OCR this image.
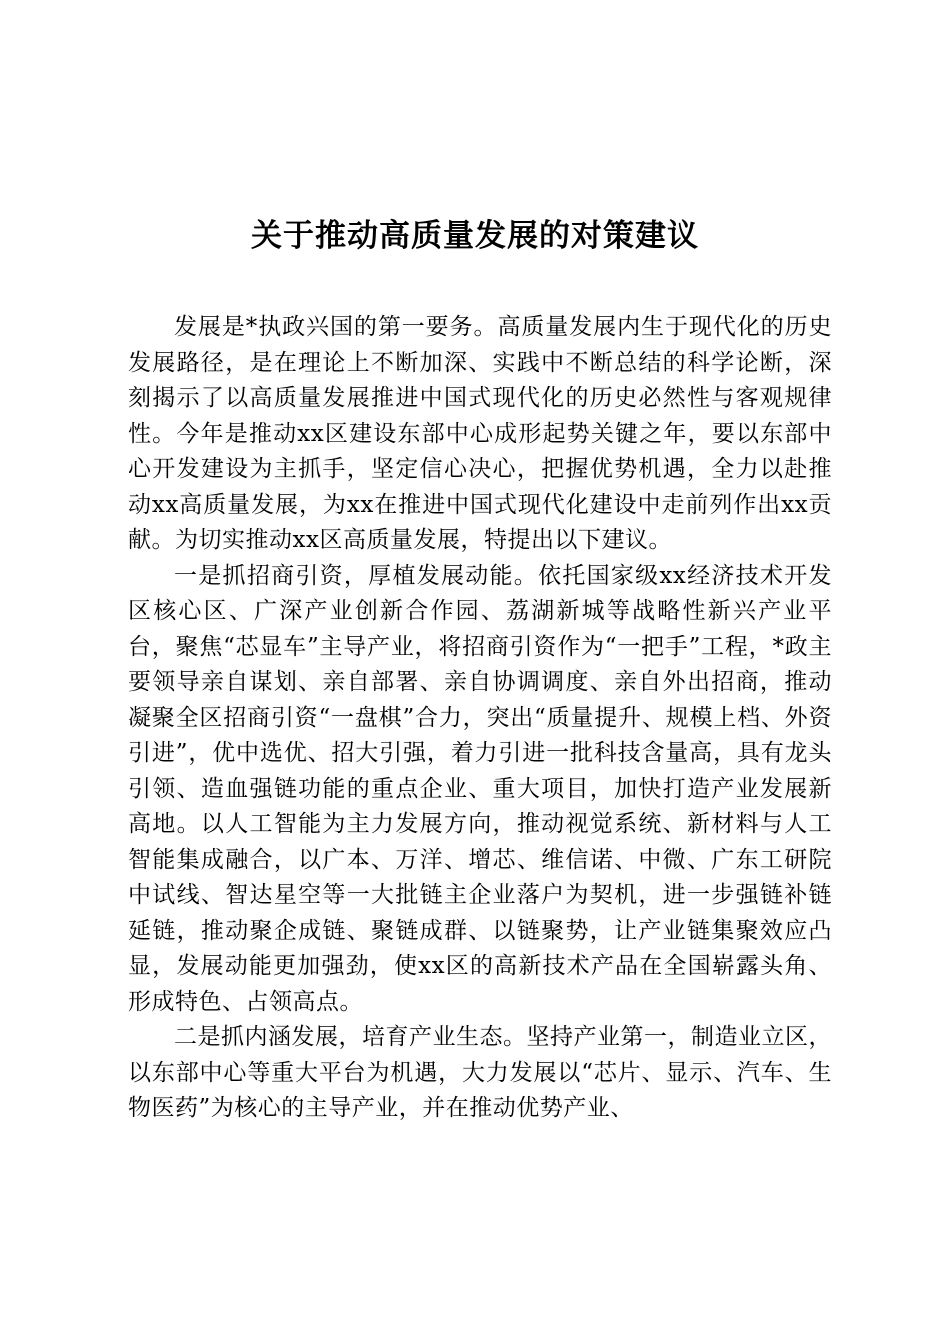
关于推动高质量发展的对策建议

发展是*执政兴国的第一要务。高质量发展内生于现代化的历史发展路径，是在理论上不断加深、实践中不断总结的科学论断，深刻揭示了以高质量发展推进中国式现代化的历史必然性与客观规律性。今年是推动xx区建设东部中心成形起势关键之年，要以东部中心开发建设为主抓手，坚定信心决心，把握优势机遇，全力以赴推动xx高质量发展，为xx在推进中国式现代化建设中走前列作出xx贡献。为切实推动xx区高质量发展，特提出以下建议。

一是抓招商引资，厚植发展动能。依托国家级xx经济技术开发区核心区、广深产业创新合作园、荔湖新城等战略性新兴产业平台，聚焦“芯显车”主导产业，将招商引资作为“一把手”工程，*政主要领导亲自谋划、亲自部署、亲自协调调度、亲自外出招商，推动凝聚全区招商引资“一盘棋”合力，突出“质量提升、规模上档、外资引进”，优中选优、招大引强，着力引进一批科技含量高，具有龙头引领、造血强链功能的重点企业、重大项目，加快打造产业发展新高地。以人工智能为主力发展方向，推动视觉系统、新材料与人工智能集成融合，以广本、万洋、增芯、维信诺、中微、广东工研院中试线、智达星空等一大批链主企业落户为契机，进一步强链补链延链，推动聚企成链、聚链成群、以链聚势，让产业链集聚效应凸显，发展动能更加强劲，使xx区的高新技术产品在全国崭露头角、形成特色、占领高点。

二是抓内涵发展，培育产业生态。坚持产业第一，制造业立区，以东部中心等重大平台为机遇，大力发展以“芯片、显示、汽车、生物医药”为核心的主导产业，并在推动优势产业、
